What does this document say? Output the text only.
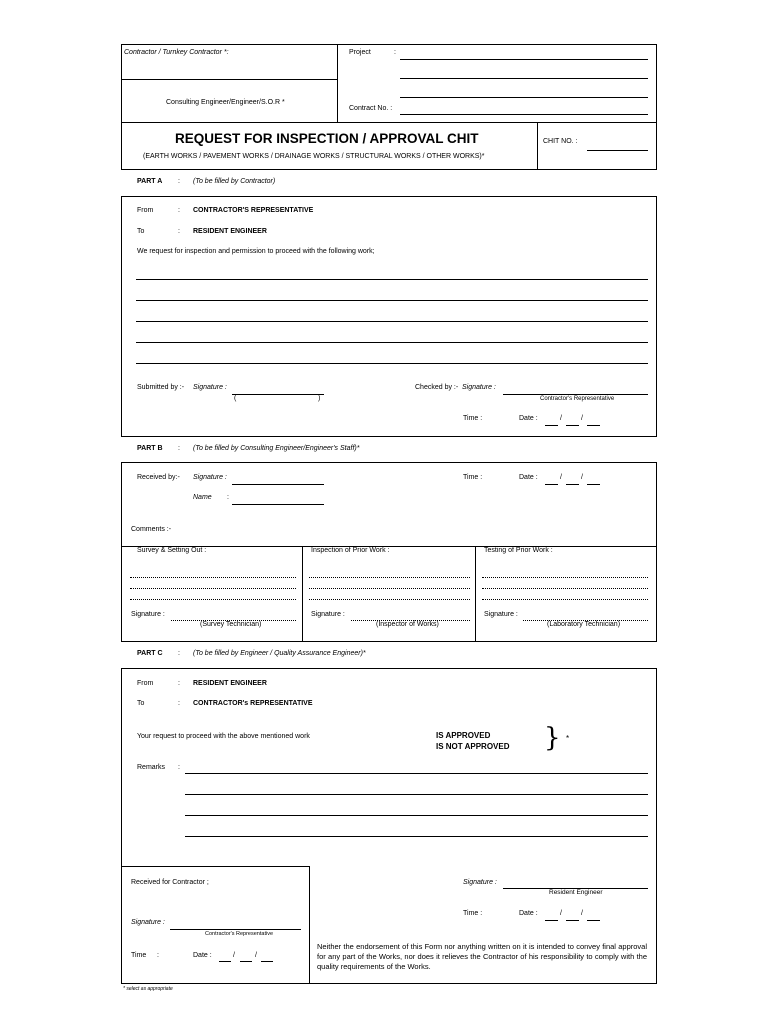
Contractor / Turnkey Contractor *:
Consulting Engineer/Engineer/S.O.R *
Project	:
Contract No. :
REQUEST FOR INSPECTION / APPROVAL CHIT
(EARTH WORKS / PAVEMENT WORKS / DRAINAGE WORKS / STRUCTURAL WORKS / OTHER WORKS)*
CHIT NO. :
PART A : (To be filled by Contractor)
From	: CONTRACTOR'S REPRESENTATIVE
To	: RESIDENT ENGINEER
We request for inspection and permission to proceed with the following work;
Submitted by :- Signature :
(	)
Checked by :- Signature :
Contractor's Representative
Time :	Date :	/	/
PART B : (To be filled by Consulting Engineer/Engineer's Staff)*
Received by:- Signature :
Name :
Time :	Date :	/	/
Comments :-
Survey & Setting Out :
Signature :
(Survey Technician)
Inspection of Prior Work :
Signature :
(Inspector of Works)
Testing of Prior Work :
Signature :
(Laboratory Technician)
PART C : (To be filled by Engineer / Quality Assurance Engineer)*
From	: RESIDENT ENGINEER
To	: CONTRACTOR's REPRESENTATIVE
Your request to proceed with the above mentioned work	IS APPROVED
IS NOT APPROVED } *
Remarks :
Received for Contractor ;
Signature :
Contractor's Representative
Time :	Date :	/	/
Signature :
Resident Engineer
Time :	Date :	/	/
Neither the endorsement of this Form nor anything written on it is intended to convey final approval for any part of the Works, nor does it relieves the Contractor of his responsibility to comply with the quality requirements of the Works.
* select as appropriate
